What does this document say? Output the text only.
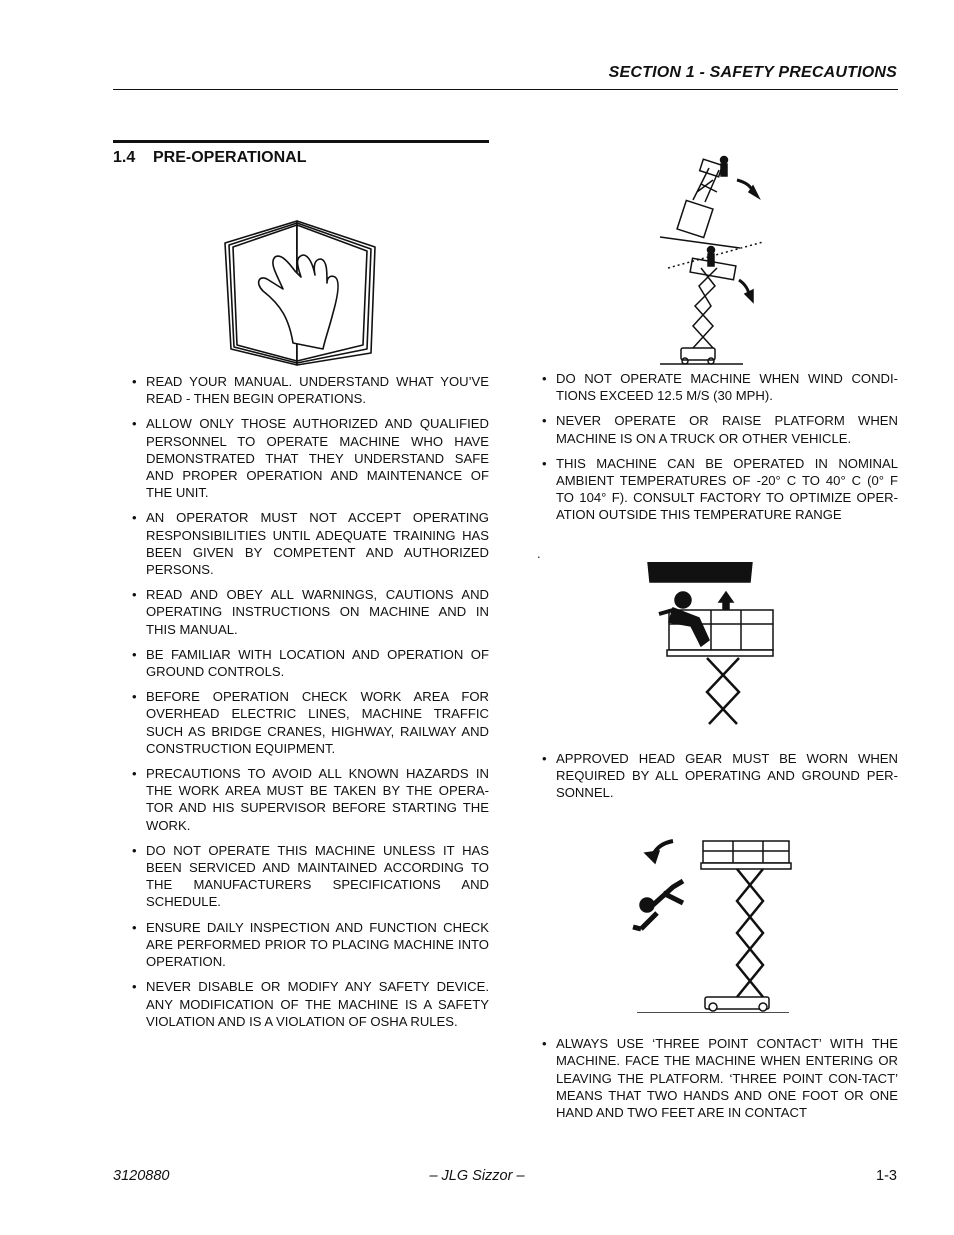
SECTION 1 - SAFETY PRECAUTIONS
1.4 PRE-OPERATIONAL
• READ YOUR MANUAL. UNDERSTAND WHAT YOU’VE READ - THEN BEGIN OPERATIONS.
• ALLOW ONLY THOSE AUTHORIZED AND QUALIFIED PERSONNEL TO OPERATE MACHINE WHO HAVE DEMONSTRATED THAT THEY UNDERSTAND SAFE AND PROPER OPERATION AND MAINTENANCE OF THE UNIT.
• AN OPERATOR MUST NOT ACCEPT OPERATING RESPONSIBILITIES UNTIL ADEQUATE TRAINING HAS BEEN GIVEN BY COMPETENT AND AUTHORIZED PERSONS.
• READ AND OBEY ALL WARNINGS, CAUTIONS AND OPERATING INSTRUCTIONS ON MACHINE AND IN THIS MANUAL.
• BE FAMILIAR WITH LOCATION AND OPERATION OF GROUND CONTROLS.
• BEFORE OPERATION CHECK WORK AREA FOR OVERHEAD ELECTRIC LINES, MACHINE TRAFFIC SUCH AS BRIDGE CRANES, HIGHWAY, RAILWAY AND CONSTRUCTION EQUIPMENT.
• PRECAUTIONS TO AVOID ALL KNOWN HAZARDS IN THE WORK AREA MUST BE TAKEN BY THE OPERA-TOR AND HIS SUPERVISOR BEFORE STARTING THE WORK.
• DO NOT OPERATE THIS MACHINE UNLESS IT HAS BEEN SERVICED AND MAINTAINED ACCORDING TO THE MANUFACTURERS SPECIFICATIONS AND SCHEDULE.
• ENSURE DAILY INSPECTION AND FUNCTION CHECK ARE PERFORMED PRIOR TO PLACING MACHINE INTO OPERATION.
• NEVER DISABLE OR MODIFY ANY SAFETY DEVICE. ANY MODIFICATION OF THE MACHINE IS A SAFETY VIOLATION AND IS A VIOLATION OF OSHA RULES.
• DO NOT OPERATE MACHINE WHEN WIND CONDI-TIONS EXCEED 12.5 M/S (30 MPH).
• NEVER OPERATE OR RAISE PLATFORM WHEN MACHINE IS ON A TRUCK OR OTHER VEHICLE.
• THIS MACHINE CAN BE OPERATED IN NOMINAL AMBIENT TEMPERATURES OF -20° C TO 40° C (0° F TO 104° F). CONSULT FACTORY TO OPTIMIZE OPER-ATION OUTSIDE THIS TEMPERATURE RANGE
• APPROVED HEAD GEAR MUST BE WORN WHEN REQUIRED BY ALL OPERATING AND GROUND PER-SONNEL.
• ALWAYS USE ‘THREE POINT CONTACT’ WITH THE MACHINE. FACE THE MACHINE WHEN ENTERING OR LEAVING THE PLATFORM. ‘THREE POINT CON-TACT’ MEANS THAT TWO HANDS AND ONE FOOT OR ONE HAND AND TWO FEET ARE IN CONTACT
.
3120880	– JLG Sizzor –	1-3
